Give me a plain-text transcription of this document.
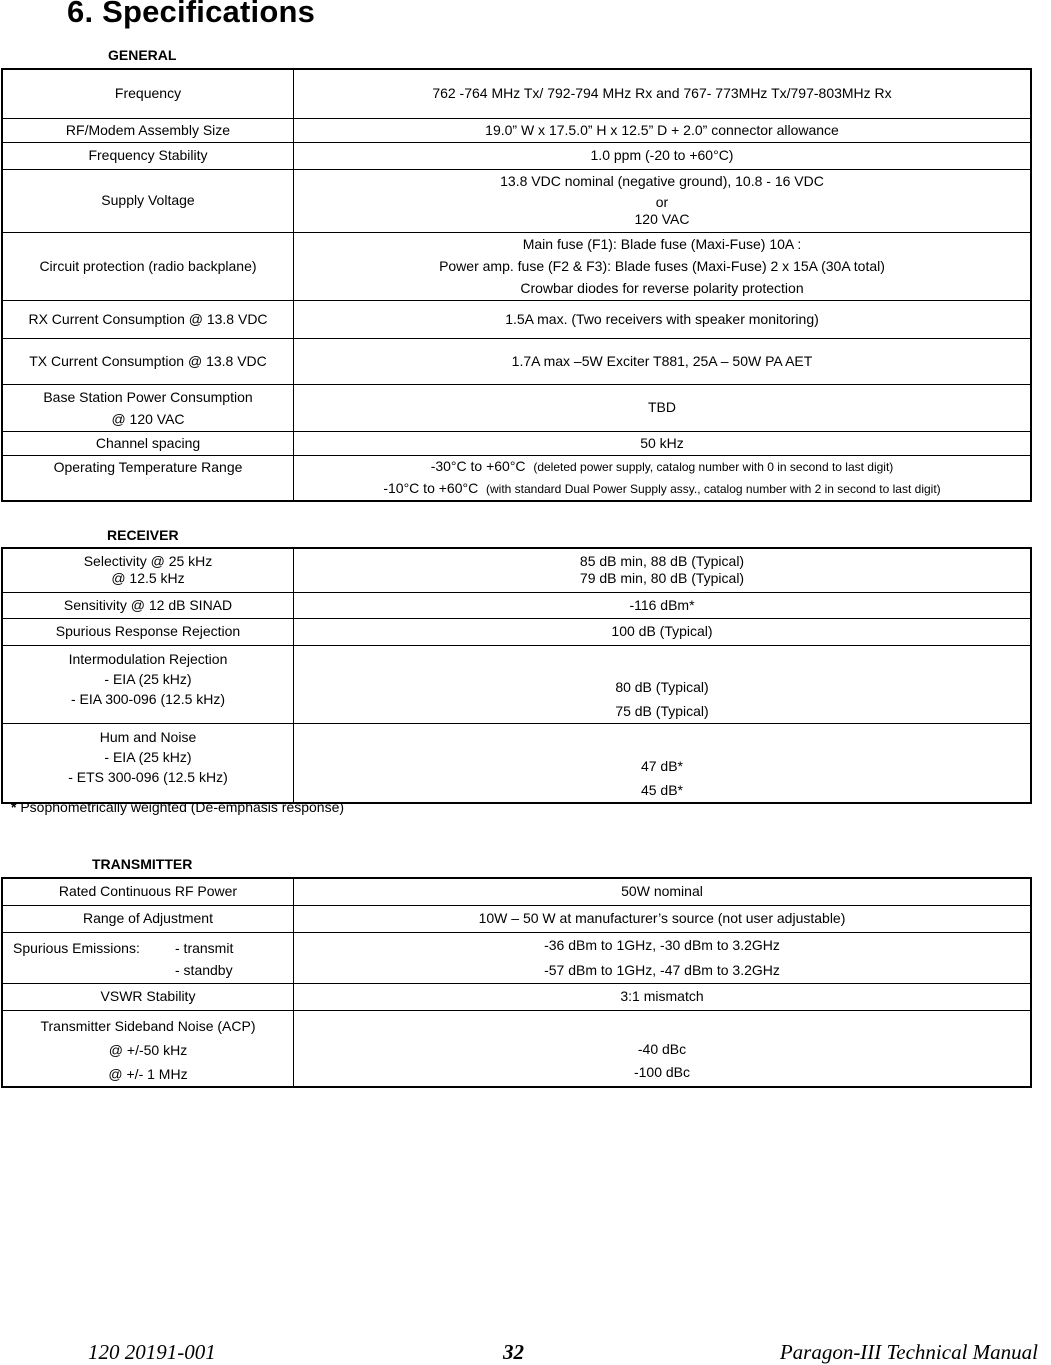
6. Specifications
GENERAL
Frequency	762 -764 MHz Tx/ 792-794 MHz Rx and 767- 773MHz Tx/797-803MHz Rx

RF/Modem Assembly Size	19.0” W x 17.5.0” H x 12.5” D + 2.0” connector allowance

Frequency Stability	1.0 ppm (-20 to +60°C)

Supply Voltage	13.8 VDC nominal (negative ground), 10.8 - 16 VDC
or
120 VAC

Circuit protection (radio backplane)	Main fuse (F1): Blade fuse (Maxi-Fuse) 10A :
Power amp. fuse (F2 & F3): Blade fuses (Maxi-Fuse) 2 x 15A (30A total)
Crowbar diodes for reverse polarity protection

RX Current Consumption @ 13.8 VDC	1.5A max. (Two receivers with speaker monitoring)

TX Current Consumption @ 13.8 VDC	1.7A max –5W Exciter T881, 25A – 50W PA AET

Base Station Power Consumption
@ 120 VAC	TBD

Channel spacing	50 kHz

Operating Temperature Range	-30°C to +60°C (deleted power supply, catalog number with 0 in second to last digit)
-10°C to +60°C (with standard Dual Power Supply assy., catalog number with 2 in second to last digit)
RECEIVER
Selectivity @ 25 kHz
@ 12.5 kHz	85 dB min, 88 dB (Typical)
79 dB min, 80 dB (Typical)

Sensitivity @ 12 dB SINAD	-116 dBm*

Spurious Response Rejection	100 dB (Typical)

Intermodulation Rejection
- EIA (25 kHz)
- EIA 300-096 (12.5 kHz)	80 dB (Typical)
75 dB (Typical)

Hum and Noise
- EIA (25 kHz)
- ETS 300-096 (12.5 kHz)	47 dB*
45 dB*
* Psophometrically weighted (De-emphasis response)
TRANSMITTER
Rated Continuous RF Power	50W nominal

Range of Adjustment	10W – 50 W at manufacturer’s source (not user adjustable)

Spurious Emissions: - transmit
- standby	-36 dBm to 1GHz, -30 dBm to 3.2GHz
-57 dBm to 1GHz, -47 dBm to 3.2GHz

VSWR Stability	3:1 mismatch

Transmitter Sideband Noise (ACP)
@ +/-50 kHz
@ +/- 1 MHz	-40 dBc
-100 dBc
120 20191-001	32	Paragon-III Technical Manual
